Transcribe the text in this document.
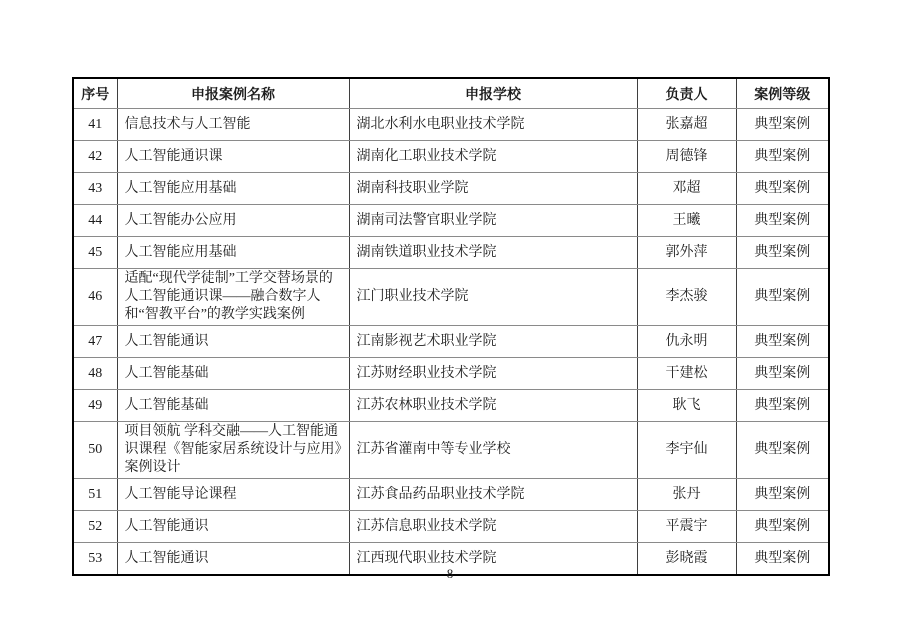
序号	申报案例名称	申报学校	负责人	案例等级
41	信息技术与人工智能	湖北水利水电职业技术学院	张嘉超	典型案例
42	人工智能通识课	湖南化工职业技术学院	周德锋	典型案例
43	人工智能应用基础	湖南科技职业学院	邓超	典型案例
44	人工智能办公应用	湖南司法警官职业学院	王曦	典型案例
45	人工智能应用基础	湖南铁道职业技术学院	郭外萍	典型案例
46	适配“现代学徒制”工学交替场景的人工智能通识课——融合数字人和“智教平台”的教学实践案例	江门职业技术学院	李杰骏	典型案例
47	人工智能通识	江南影视艺术职业学院	仇永明	典型案例
48	人工智能基础	江苏财经职业技术学院	干建松	典型案例
49	人工智能基础	江苏农林职业技术学院	耿飞	典型案例
50	项目领航 学科交融——人工智能通识课程《智能家居系统设计与应用》案例设计	江苏省灌南中等专业学校	李宇仙	典型案例
51	人工智能导论课程	江苏食品药品职业技术学院	张丹	典型案例
52	人工智能通识	江苏信息职业技术学院	平震宇	典型案例
53	人工智能通识	江西现代职业技术学院	彭晓霞	典型案例
8
